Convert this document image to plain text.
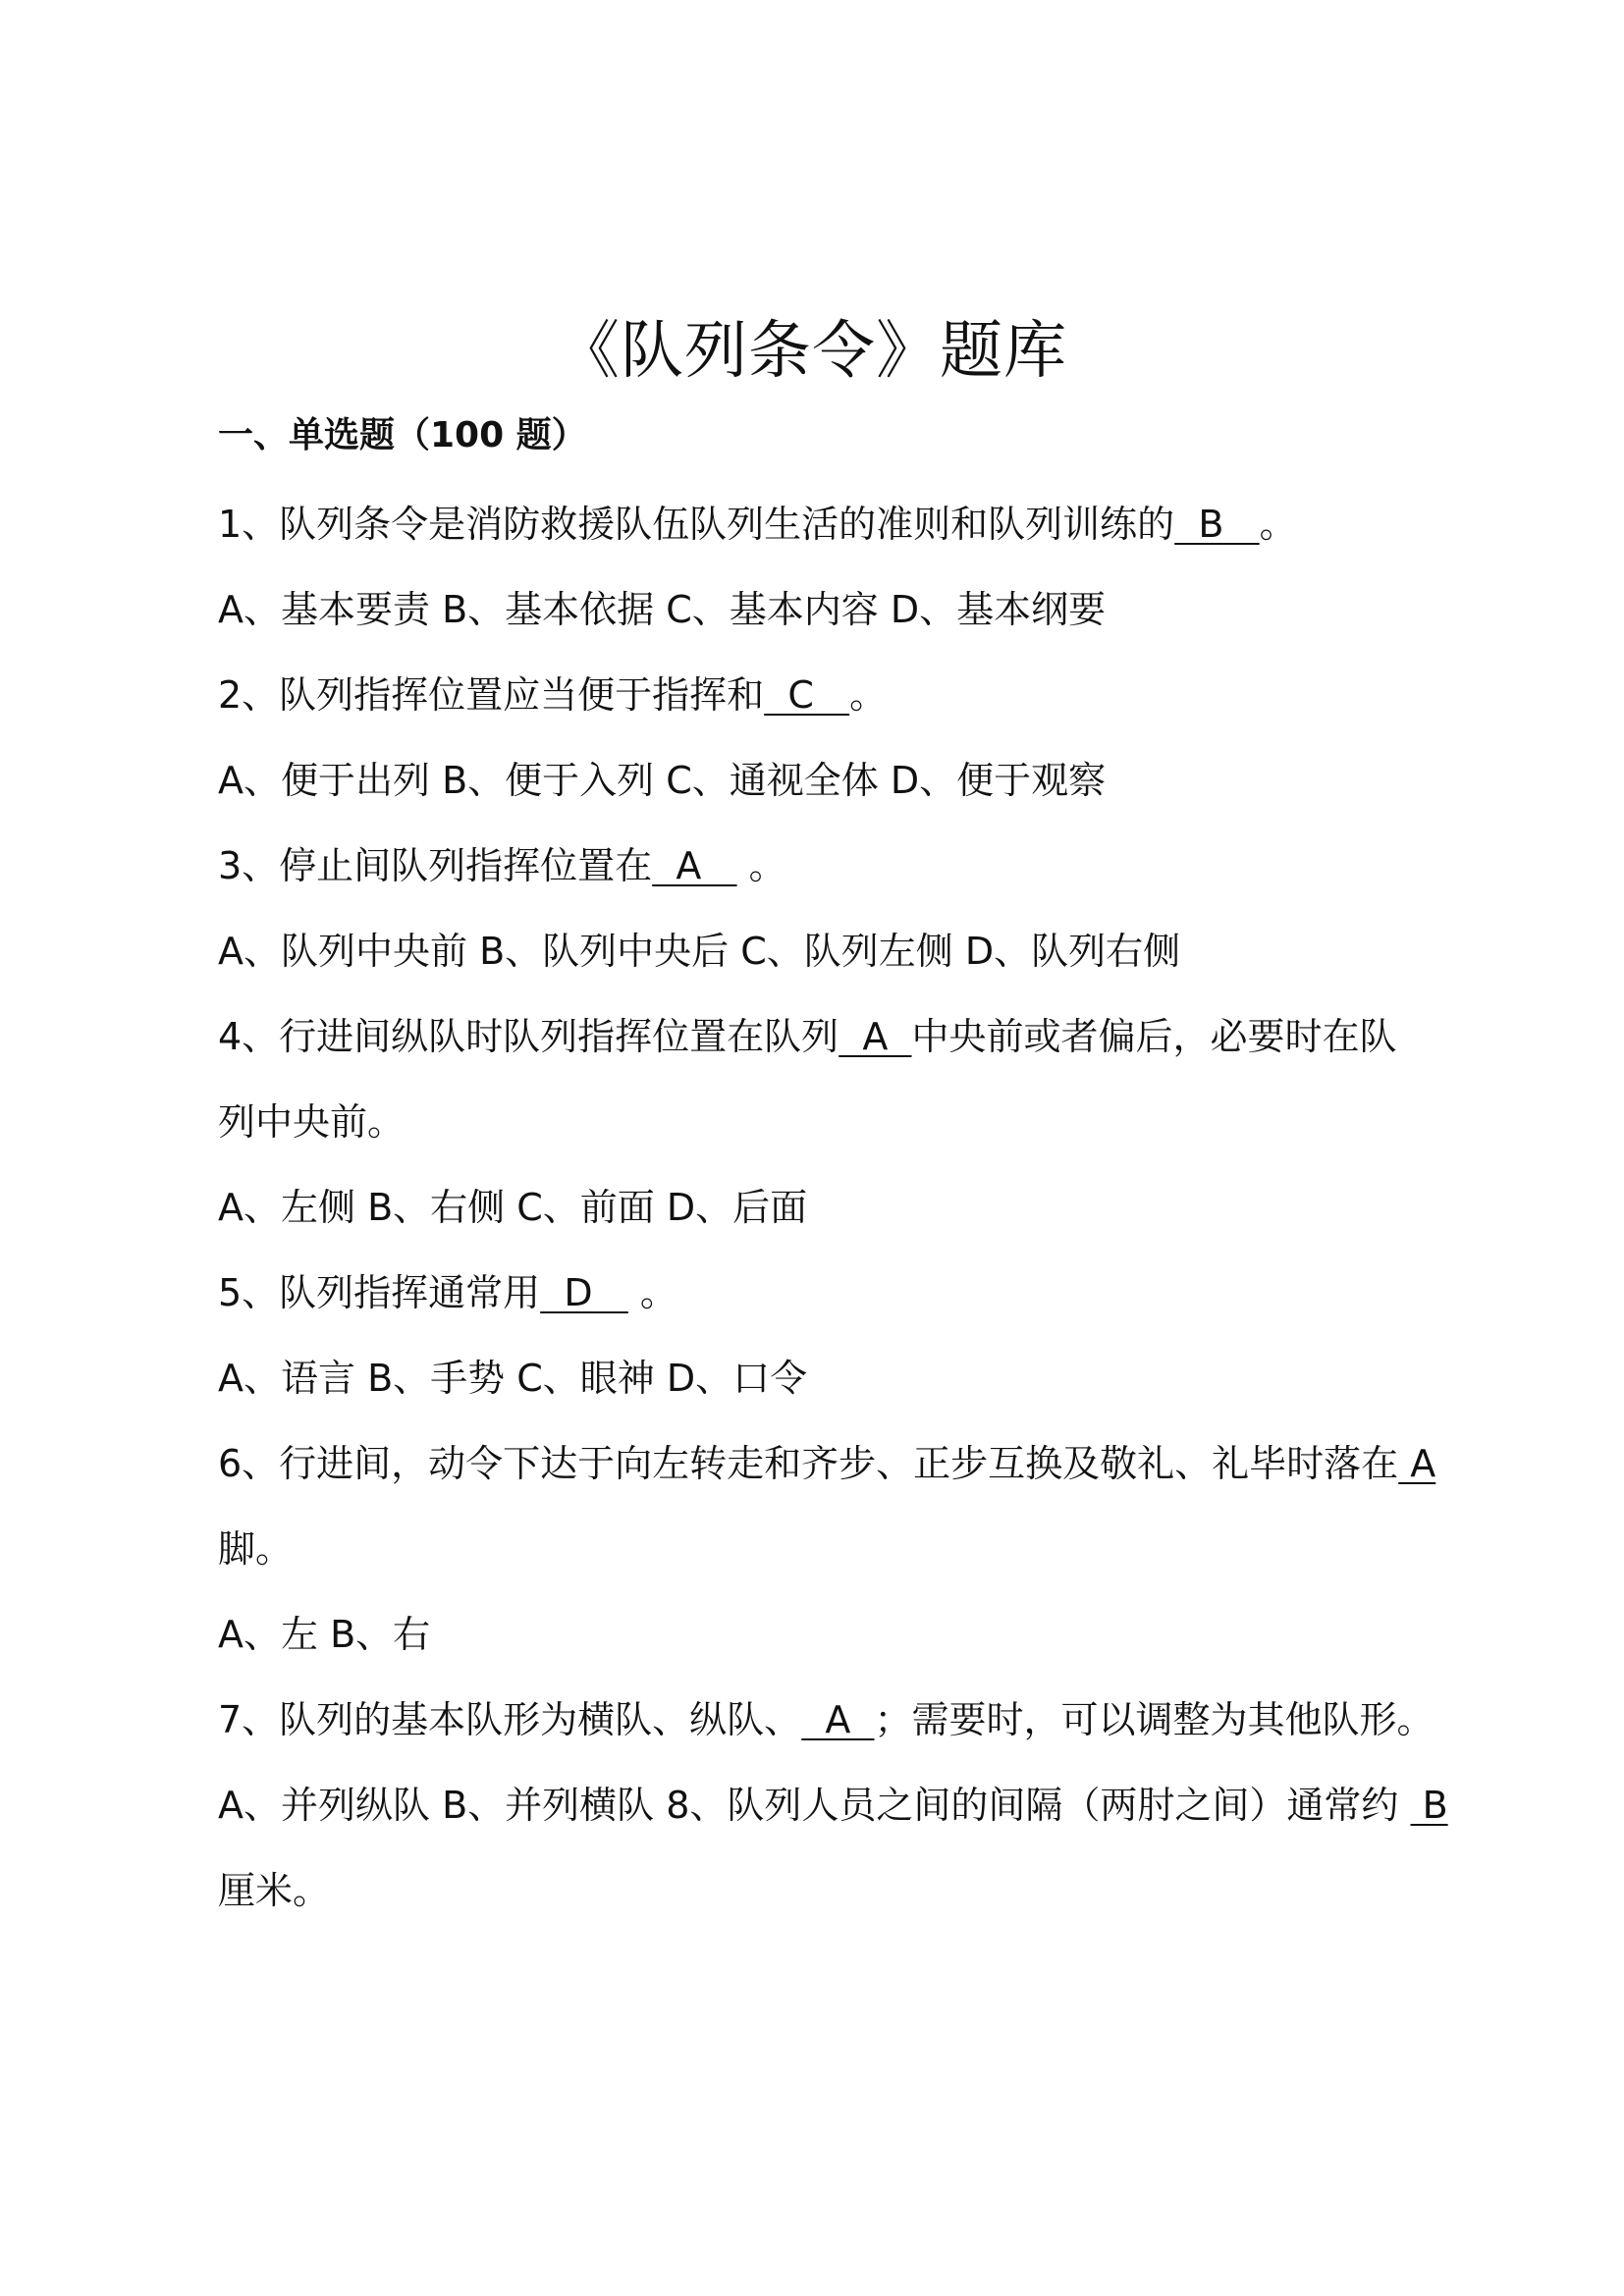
《队列条令》题库
一、单选题（100 题）
1、队列条令是消防救援队伍队列生活的准则和队列训练的  B   。
A、基本要责 B、基本依据 C、基本内容 D、基本纲要
2、队列指挥位置应当便于指挥和  C   。
A、便于出列 B、便于入列 C、通视全体 D、便于观察
3、停止间队列指挥位置在  A    。
A、队列中央前 B、队列中央后 C、队列左侧 D、队列右侧
4、行进间纵队时队列指挥位置在队列  A  中央前或者偏后，必要时在队
列中央前。
A、左侧 B、右侧 C、前面 D、后面
5、队列指挥通常用  D    。
A、语言 B、手势 C、眼神 D、口令
6、行进间，动令下达于向左转走和齐步、正步互换及敬礼、礼毕时落在 A
脚。
A、左 B、右
7、队列的基本队形为横队、纵队、  A  ；需要时，可以调整为其他队形。
A、并列纵队 B、并列横队 8、队列人员之间的间隔（两肘之间）通常约  B
厘米。
